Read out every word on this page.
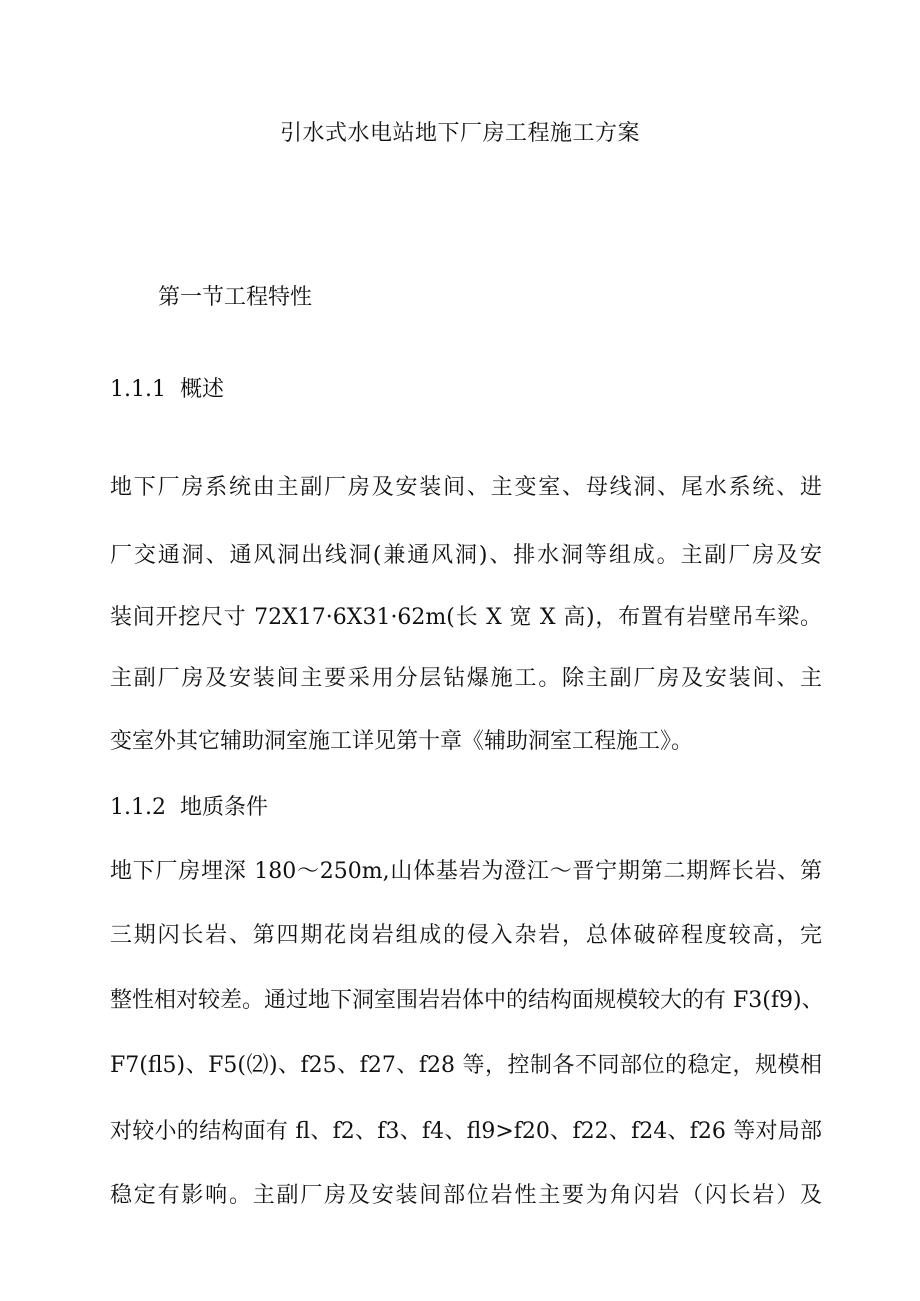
引水式水电站地下厂房工程施工方案
第一节工程特性
1.1.1 概述
地下厂房系统由主副厂房及安装间、主变室、母线洞、尾水系统、进
厂交通洞、通风洞出线洞(兼通风洞)、排水洞等组成。主副厂房及安
装间开挖尺寸 72X17·6X31·62m(长 X 宽 X 高)，布置有岩壁吊车梁。
主副厂房及安装间主要采用分层钻爆施工。除主副厂房及安装间、主
变室外其它辅助洞室施工详见第十章《辅助洞室工程施工》。
1.1.2 地质条件
地下厂房埋深 180～250m,山体基岩为澄江～晋宁期第二期辉长岩、第
三期闪长岩、第四期花岗岩组成的侵入杂岩，总体破碎程度较高，完
整性相对较差。通过地下洞室围岩岩体中的结构面规模较大的有 F3(f9)、
F7(fl5)、F5(⑵)、f25、f27、f28 等，控制各不同部位的稳定，规模相
对较小的结构面有 fl、f2、f3、f4、fl9>f20、f22、f24、f26 等对局部
稳定有影响。主副厂房及安装间部位岩性主要为角闪岩（闪长岩）及
